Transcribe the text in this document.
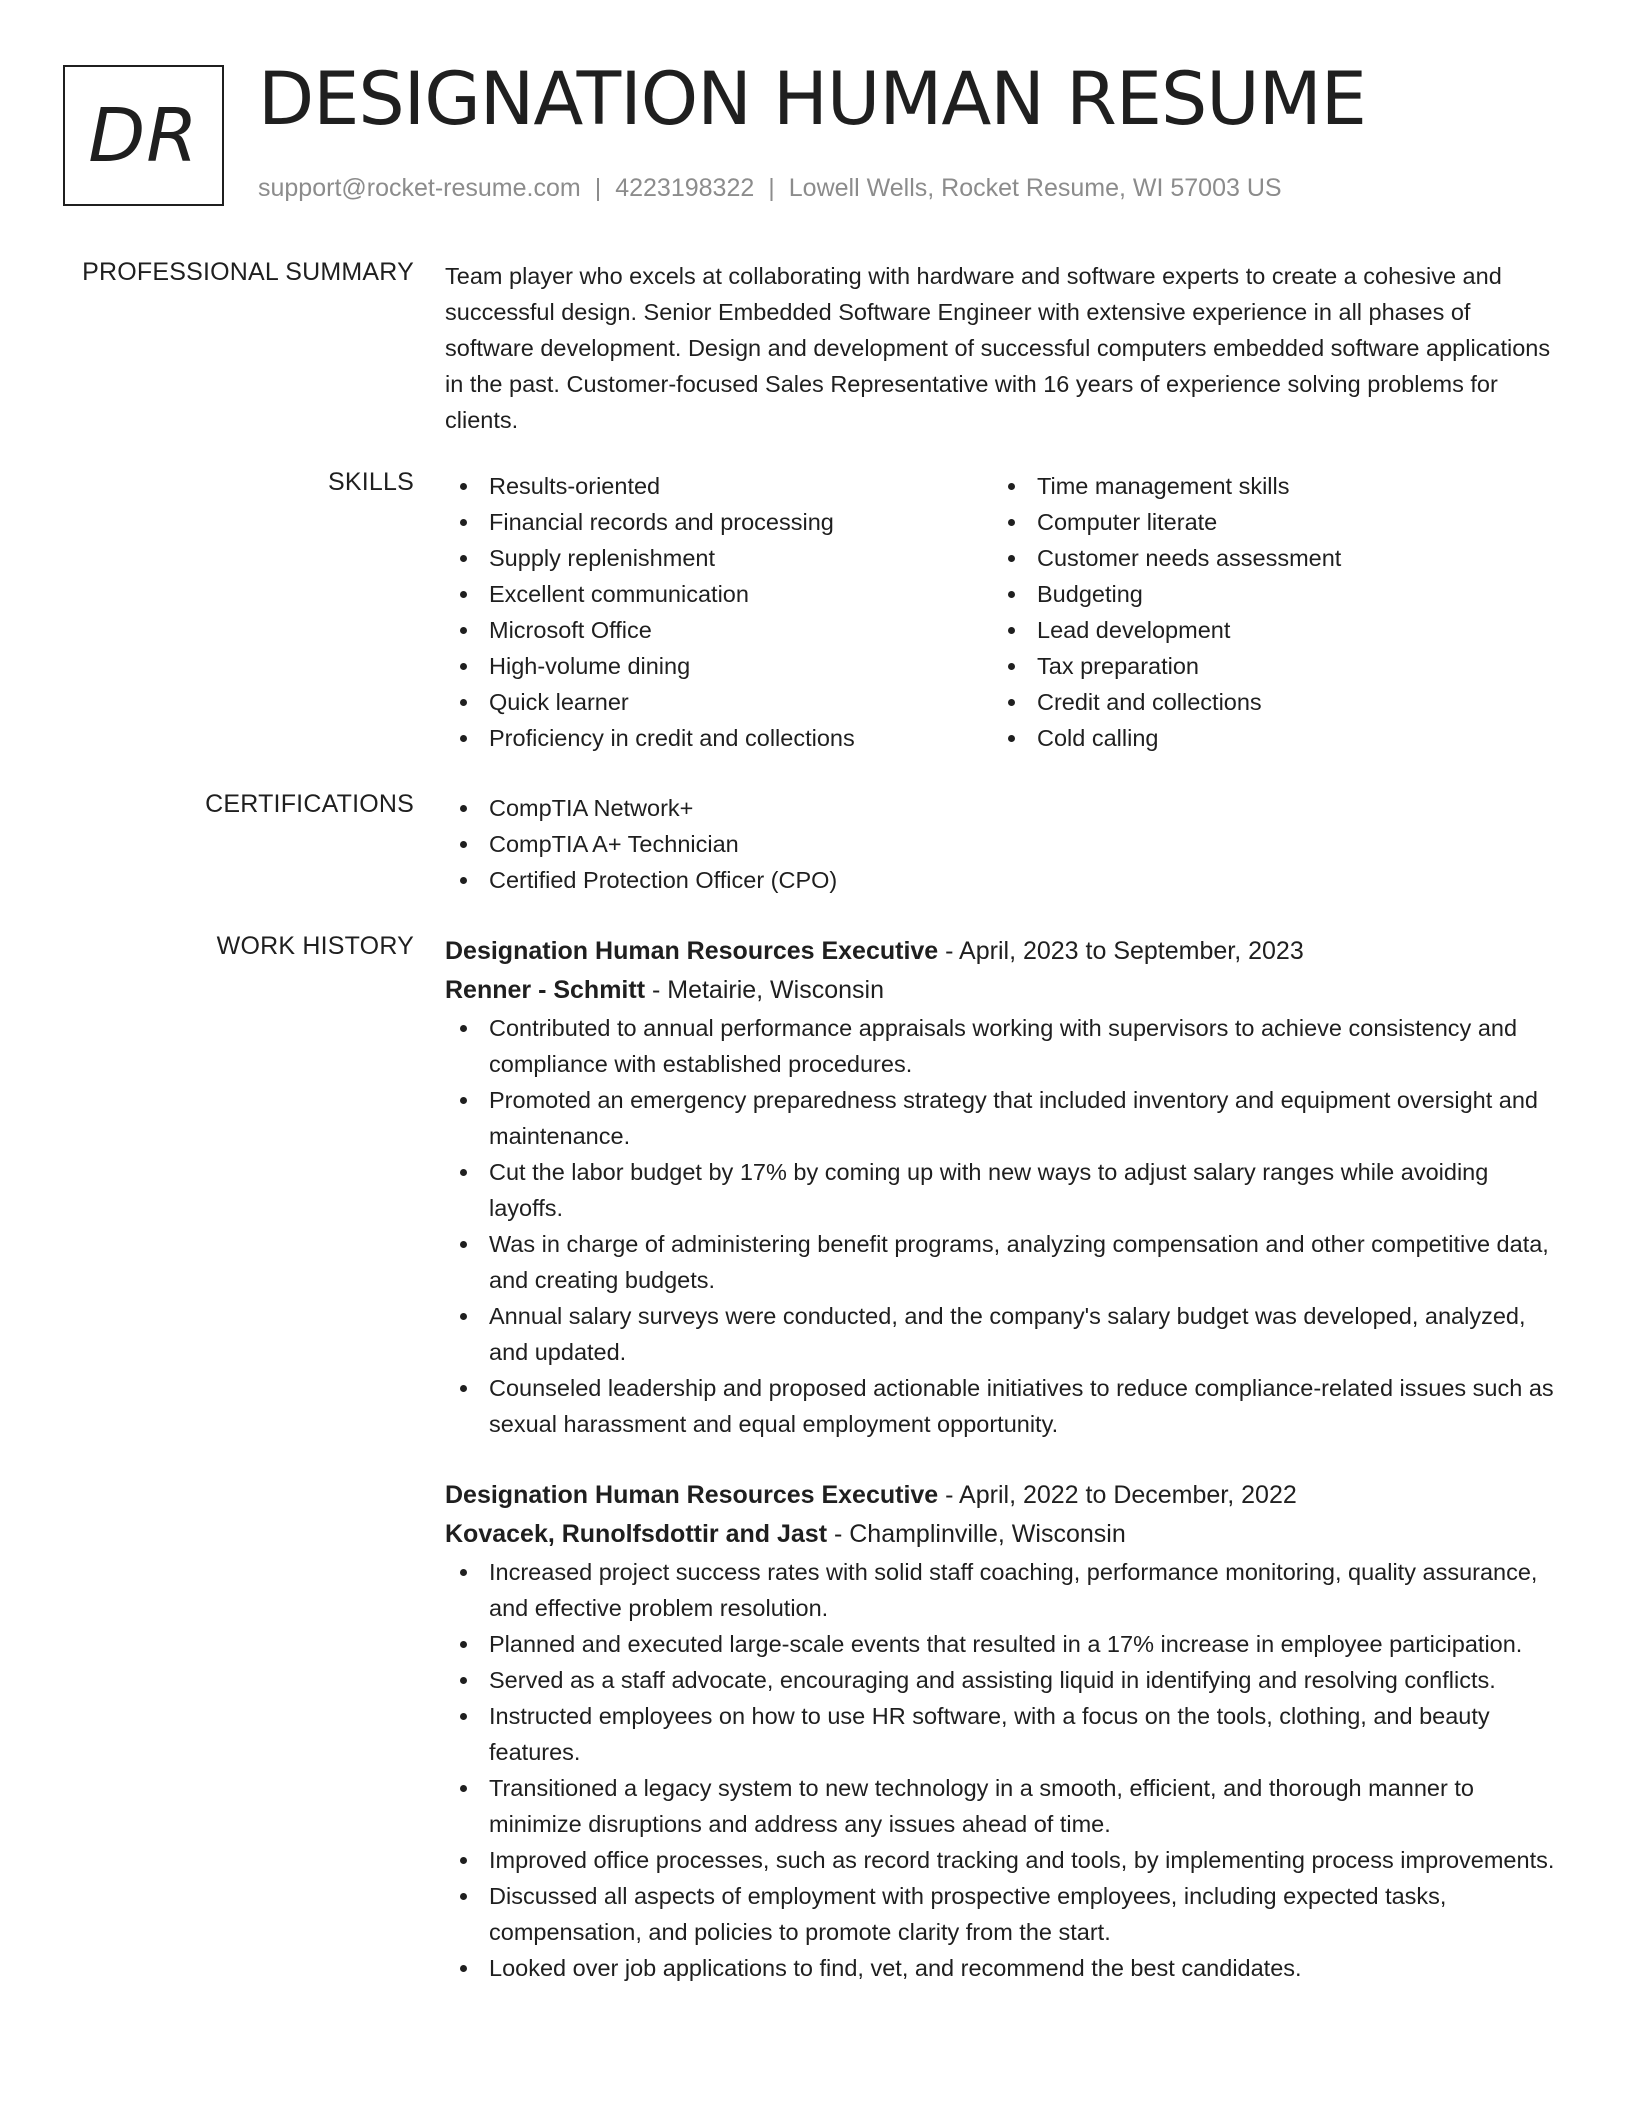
DR DESIGNATION HUMAN RESUME
support@rocket-resume.com | 4223198322 | Lowell Wells, Rocket Resume, WI 57003 US
PROFESSIONAL SUMMARY Team player who excels at collaborating with hardware and software experts to create a cohesive and successful design. Senior Embedded Software Engineer with extensive experience in all phases of software development. Design and development of successful computers embedded software applications in the past. Customer-focused Sales Representative with 16 years of experience solving problems for clients.

SKILLS	Results-oriented
Financial records and processing
Supply replenishment
Excellent communication
Microsoft Office
High-volume dining
Quick learner
Proficiency in credit and collections
Time management skills
Computer literate
Customer needs assessment
Budgeting
Lead development
Tax preparation
Credit and collections
Cold calling
CERTIFICATIONS	CompTIA Network+
CompTIA A+ Technician
Certified Protection Officer (CPO)
WORK HISTORY Designation Human Resources Executive - April, 2023 to September, 2023
Renner - Schmitt - Metairie, Wisconsin
Contributed to annual performance appraisals working with supervisors to achieve consistency and compliance with established procedures.
Promoted an emergency preparedness strategy that included inventory and equipment oversight and maintenance.
Cut the labor budget by 17% by coming up with new ways to adjust salary ranges while avoiding layoffs.
Was in charge of administering benefit programs, analyzing compensation and other competitive data, and creating budgets.
Annual salary surveys were conducted, and the company's salary budget was developed, analyzed, and updated.
Counseled leadership and proposed actionable initiatives to reduce compliance-related issues such as sexual harassment and equal employment opportunity.
Designation Human Resources Executive - April, 2022 to December, 2022
Kovacek, Runolfsdottir and Jast - Champlinville, Wisconsin
Increased project success rates with solid staff coaching, performance monitoring, quality assurance, and effective problem resolution.
Planned and executed large-scale events that resulted in a 17% increase in employee participation.
Served as a staff advocate, encouraging and assisting liquid in identifying and resolving conflicts.
Instructed employees on how to use HR software, with a focus on the tools, clothing, and beauty features.
Transitioned a legacy system to new technology in a smooth, efficient, and thorough manner to minimize disruptions and address any issues ahead of time.
Improved office processes, such as record tracking and tools, by implementing process improvements.
Discussed all aspects of employment with prospective employees, including expected tasks, compensation, and policies to promote clarity from the start.
Looked over job applications to find, vet, and recommend the best candidates.
